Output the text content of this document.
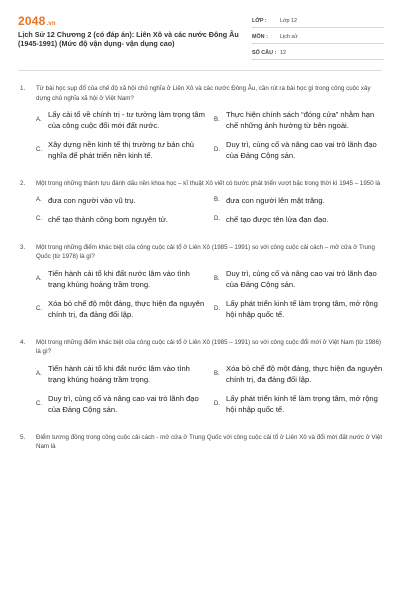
2048.vn
Lịch Sử 12 Chương 2 (có đáp án): Liên Xô và các nước Đông Âu (1945-1991) (Mức độ vận dụng- vận dụng cao)
LỚP :	Lớp 12
MÔN :	Lịch sử
SỐ CÂU : 12
1.	Từ bài học sụp đổ của chế độ xã hội chủ nghĩa ở Liên Xô và các nước Đông Âu, cần rút ra bài học gì trong công cuộc xây dựng chủ nghĩa xã hội ở Việt Nam?
A.
Lấy cải tổ về chính trị - tư tưởng làm trọng tâm của công cuộc đổi mới đất nước.
B.
Thực hiện chính sách “đóng cửa” nhằm hạn chế những ảnh hưởng từ bên ngoài.
C.
Xây dựng nền kinh tế thị trường tư bản chủ nghĩa để phát triển nền kinh tế.
D.
Duy trì, củng cố và nâng cao vai trò lãnh đạo của Đảng Cộng sản.
2.	Một trong những thành tựu đánh dấu nền khoa học – kĩ thuật Xô viết có bước phát triển vượt bậc trong thời kì 1945 – 1950 là
A. đưa con người vào vũ trụ.	B. đưa con người lên mặt trăng.
C. chế tạo thành công bom nguyên tử.	D. chế tạo được tên lửa đạn đạo.
3.	Một trong những điểm khác biệt của công cuộc cải tổ ở Liên Xô (1985 – 1991) so với công cuộc cải cách – mở cửa ở Trung Quốc (từ 1978) là gì?
A.
Tiến hành cải tổ khi đất nước lâm vào tình trạng khủng hoảng trầm trọng.
B.
Duy trì, củng cố và nâng cao vai trò lãnh đạo của Đảng Cộng sản.
C.
Xóa bỏ chế độ một đảng, thực hiện đa nguyên chính trị, đa đảng đối lập.
D.
Lấy phát triển kinh tế làm trọng tâm, mở rộng hội nhập quốc tế.
4.	Một trong những điểm khác biệt của công cuộc cải tổ ở Liên Xô (1985 – 1991) so với công cuộc đổi mới ở Việt Nam (từ 1986) là gì?
A.
Tiến hành cải tổ khi đất nước lâm vào tình trạng khủng hoảng trầm trọng.
B.
Xóa bỏ chế độ một đảng, thực hiện đa nguyên chính trị, đa đảng đối lập.
C.
Duy trì, củng cố và nâng cao vai trò lãnh đạo của Đảng Cộng sản.
D.
Lấy phát triển kinh tế làm trọng tâm, mở rộng hội nhập quốc tế.
5.	Điểm tương đồng trong công cuộc cải cách - mở cửa ở Trung Quốc với công cuộc cải tổ ở Liên Xô và đổi mới đất nước ở Việt Nam là
